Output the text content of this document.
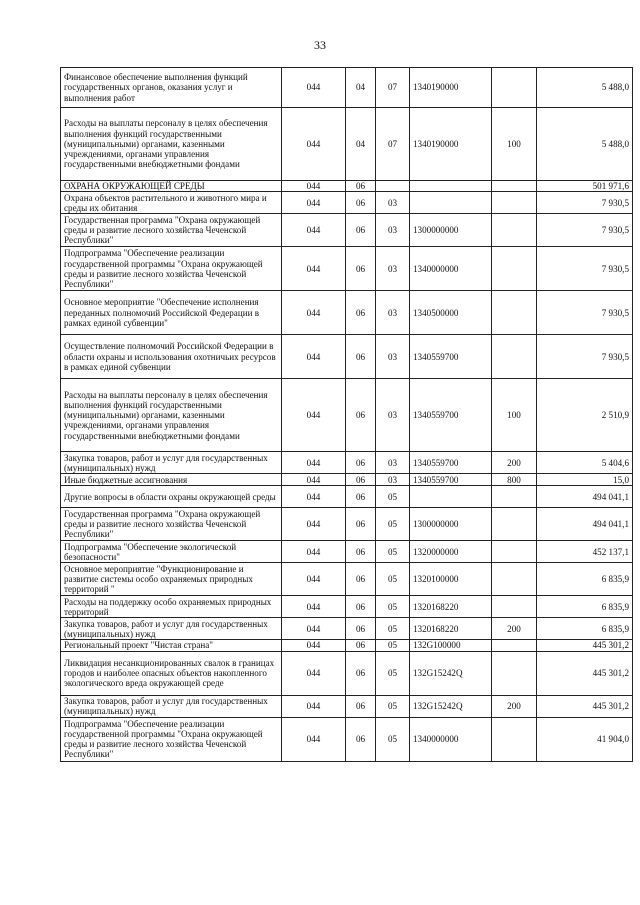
33
Финансовое обеспечение выполнения функций государственных органов, оказания услуг и выполнения работ	044	04	07	1340190000		5 488,0
Расходы на выплаты персоналу в целях обеспечения выполнения функций государственными (муниципальными) органами, казенными учреждениями, органами управления государственными внебюджетными фондами	044	04	07	1340190000	100	5 488,0
ОХРАНА ОКРУЖАЮЩЕЙ СРЕДЫ	044	06				501 971,6
Охрана объектов растительного и животного мира и среды их обитания	044	06	03			7 930,5
Государственная программа "Охрана окружающей среды и развитие лесного хозяйства Чеченской Республики"	044	06	03	1300000000		7 930,5
Подпрограмма "Обеспечение реализации государственной программы "Охрана окружающей среды и развитие лесного хозяйства Чеченской Республики"	044	06	03	1340000000		7 930,5
Основное мероприятие "Обеспечение исполнения переданных полномочий Российской Федерации в рамках единой субвенции"	044	06	03	1340500000		7 930,5
Осуществление полномочий Российской Федерации в области охраны и использования охотничьих ресурсов в рамках единой субвенции	044	06	03	1340559700		7 930,5
Расходы на выплаты персоналу в целях обеспечения выполнения функций государственными (муниципальными) органами, казенными учреждениями, органами управления государственными внебюджетными фондами	044	06	03	1340559700	100	2 510,9
Закупка товаров, работ и услуг для государственных (муниципальных) нужд	044	06	03	1340559700	200	5 404,6
Иные бюджетные ассигнования	044	06	03	1340559700	800	15,0
Другие вопросы в области охраны окружающей среды	044	06	05			494 041,1
Государственная программа "Охрана окружающей среды и развитие лесного хозяйства Чеченской Республики"	044	06	05	1300000000		494 041,1
Подпрограмма "Обеспечение экологической безопасности"	044	06	05	1320000000		452 137,1
Основное мероприятие "Функционирование и развитие системы особо охраняемых природных территорий "	044	06	05	1320100000		6 835,9
Расходы на поддержку особо охраняемых природных территорий	044	06	05	1320168220		6 835,9
Закупка товаров, работ и услуг для государственных (муниципальных) нужд	044	06	05	1320168220	200	6 835,9
Региональный проект "Чистая страна"	044	06	05	132G100000		445 301,2
Ликвидация несанкционированных свалок в границах городов и наиболее опасных объектов накопленного экологического вреда окружающей среде	044	06	05	132G15242Q		445 301,2
Закупка товаров, работ и услуг для государственных (муниципальных) нужд	044	06	05	132G15242Q	200	445 301,2
Подпрограмма "Обеспечение реализации государственной программы "Охрана окружающей среды и развитие лесного хозяйства Чеченской Республики"	044	06	05	1340000000		41 904,0
